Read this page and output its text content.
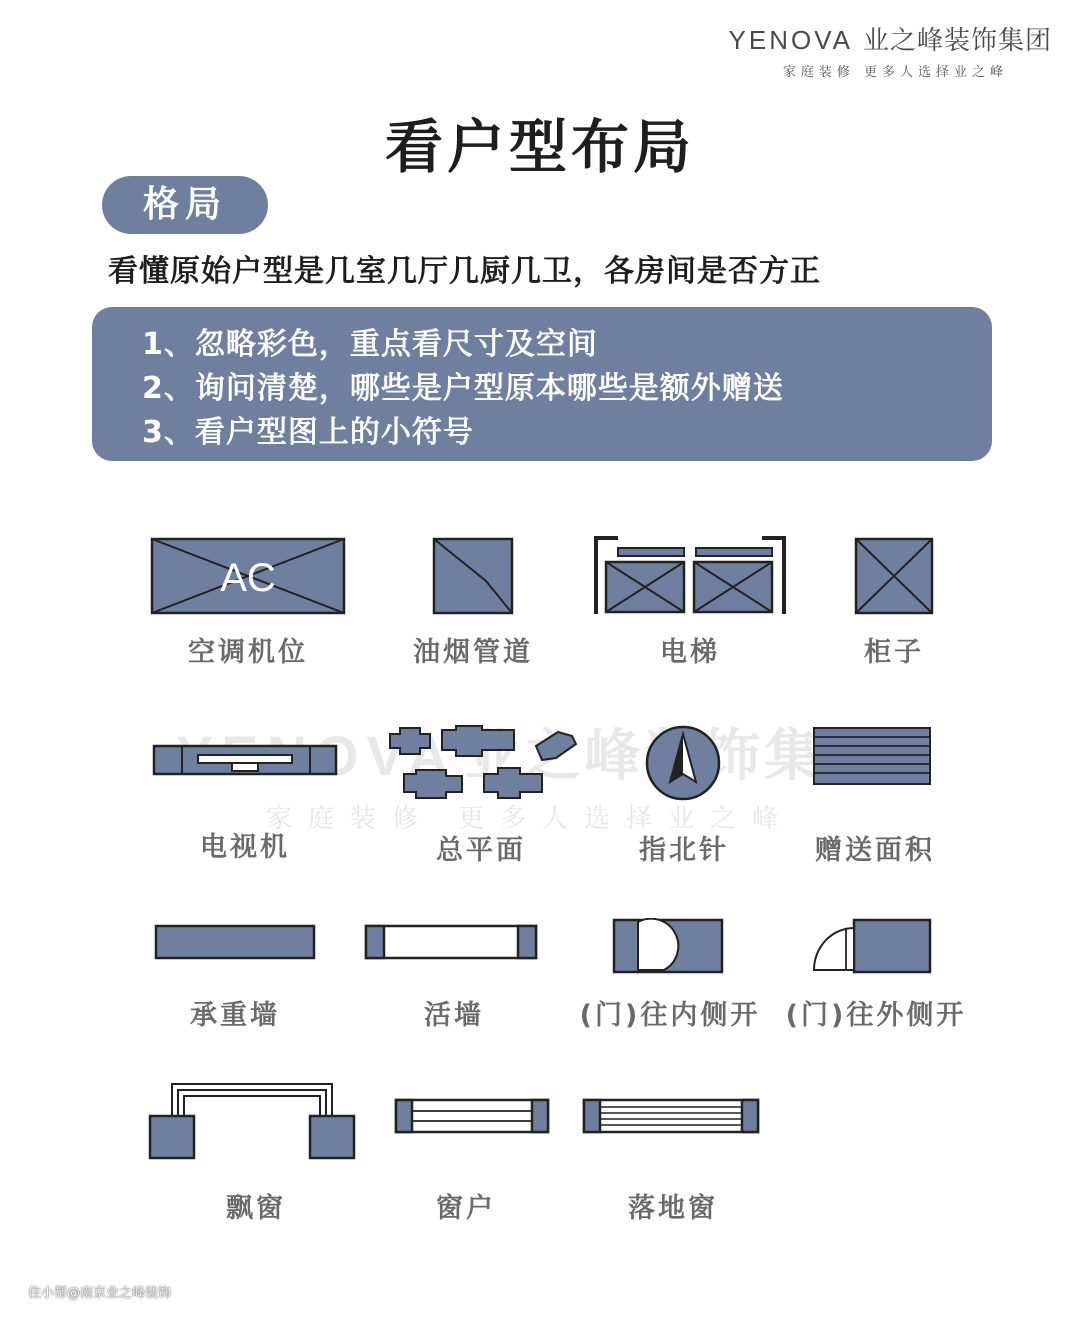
YENOVA 业之峰装饰集团
家庭装修 更多人选择业之峰
看户型布局
格局
看懂原始户型是几室几厅几厨几卫，各房间是否方正
1、忽略彩色，重点看尺寸及空间
2、询问清楚，哪些是户型原本哪些是额外赠送
3、看户型图上的小符号
家庭装修 更多人选择业之峰
AC
空调机位	油烟管道	电梯	柜子
电视机	总平面	指北针	赠送面积
承重墙	活墙	(门)往内侧开 (门)往外侧开
飘窗	窗户	落地窗
住小帮@南京业之峰装饰
